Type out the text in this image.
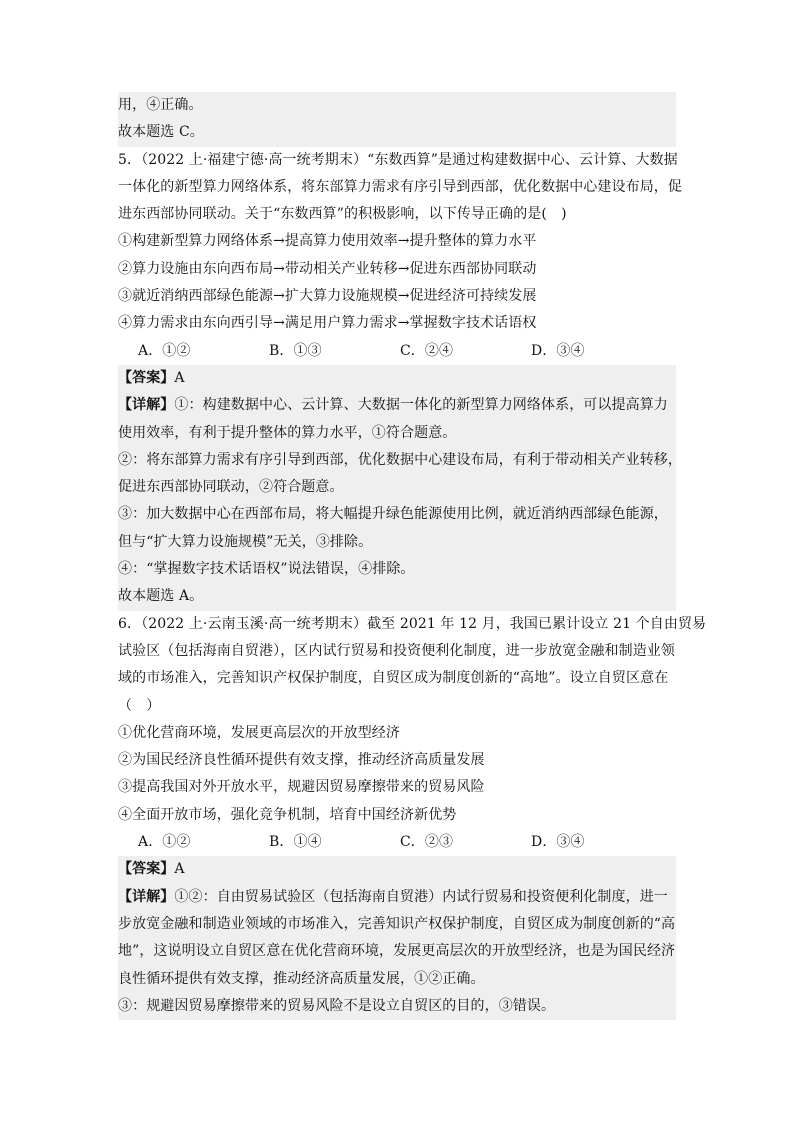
用，④正确。
故本题选 C。
5．（2022 上·福建宁德·高一统考期末）“东数西算”是通过构建数据中心、云计算、大数据
一体化的新型算力网络体系，将东部算力需求有序引导到西部，优化数据中心建设布局，促
进东西部协同联动。关于“东数西算”的积极影响，以下传导正确的是(　)
①构建新型算力网络体系→提高算力使用效率→提升整体的算力水平
②算力设施由东向西布局→带动相关产业转移→促进东西部协同联动
③就近消纳西部绿色能源→扩大算力设施规模→促进经济可持续发展
④算力需求由东向西引导→满足用户算力需求→掌握数字技术话语权
A．①②	B．①③	C．②④	D．③④
【答案】A
【详解】①：构建数据中心、云计算、大数据一体化的新型算力网络体系，可以提高算力
使用效率，有利于提升整体的算力水平，①符合题意。
②：将东部算力需求有序引导到西部，优化数据中心建设布局，有利于带动相关产业转移，
促进东西部协同联动，②符合题意。
③：加大数据中心在西部布局，将大幅提升绿色能源使用比例，就近消纳西部绿色能源，
但与“扩大算力设施规模”无关，③排除。
④：“掌握数字技术话语权”说法错误，④排除。
故本题选 A。
6．（2022 上·云南玉溪·高一统考期末）截至 2021 年 12 月，我国已累计设立 21 个自由贸易
试验区（包括海南自贸港），区内试行贸易和投资便利化制度，进一步放宽金融和制造业领
域的市场准入，完善知识产权保护制度，自贸区成为制度创新的“高地”。设立自贸区意在
（　）
①优化营商环境，发展更高层次的开放型经济
②为国民经济良性循环提供有效支撑，推动经济高质量发展
③提高我国对外开放水平，规避因贸易摩擦带来的贸易风险
④全面开放市场，强化竞争机制，培育中国经济新优势
A．①②	B．①④	C．②③	D．③④
【答案】A
【详解】①②：自由贸易试验区（包括海南自贸港）内试行贸易和投资便利化制度，进一
步放宽金融和制造业领域的市场准入，完善知识产权保护制度，自贸区成为制度创新的“高
地”，这说明设立自贸区意在优化营商环境，发展更高层次的开放型经济，也是为国民经济
良性循环提供有效支撑，推动经济高质量发展，①②正确。
③：规避因贸易摩擦带来的贸易风险不是设立自贸区的目的，③错误。
